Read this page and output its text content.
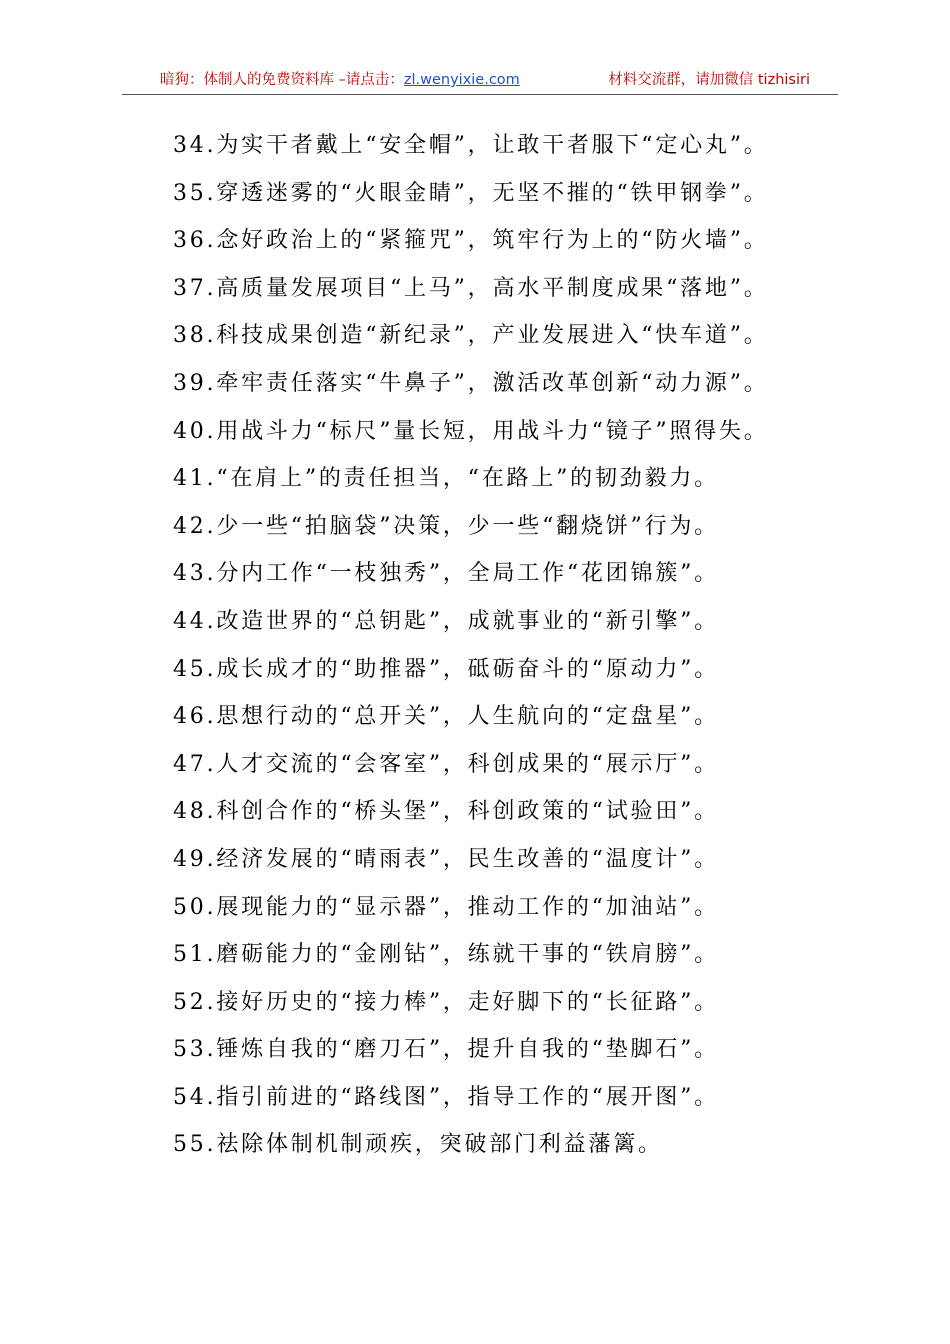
暗狗：体制人的免费资料库 –请点击：zl.wenyixie.com	材料交流群，请加微信 tizhisiri
34.为实干者戴上“安全帽”，让敢干者服下“定心丸”。
35.穿透迷雾的“火眼金睛”，无坚不摧的“铁甲钢拳”。
36.念好政治上的“紧箍咒”，筑牢行为上的“防火墙”。
37.高质量发展项目“上马”，高水平制度成果“落地”。
38.科技成果创造“新纪录”，产业发展进入“快车道”。
39.牵牢责任落实“牛鼻子”，激活改革创新“动力源”。
40.用战斗力“标尺”量长短，用战斗力“镜子”照得失。
41.“在肩上”的责任担当，“在路上”的韧劲毅力。
42.少一些“拍脑袋”决策，少一些“翻烧饼”行为。
43.分内工作“一枝独秀”，全局工作“花团锦簇”。
44.改造世界的“总钥匙”，成就事业的“新引擎”。
45.成长成才的“助推器”，砥砺奋斗的“原动力”。
46.思想行动的“总开关”，人生航向的“定盘星”。
47.人才交流的“会客室”，科创成果的“展示厅”。
48.科创合作的“桥头堡”，科创政策的“试验田”。
49.经济发展的“晴雨表”，民生改善的“温度计”。
50.展现能力的“显示器”，推动工作的“加油站”。
51.磨砺能力的“金刚钻”，练就干事的“铁肩膀”。
52.接好历史的“接力棒”，走好脚下的“长征路”。
53.锤炼自我的“磨刀石”，提升自我的“垫脚石”。
54.指引前进的“路线图”，指导工作的“展开图”。
55.祛除体制机制顽疾，突破部门利益藩篱。
